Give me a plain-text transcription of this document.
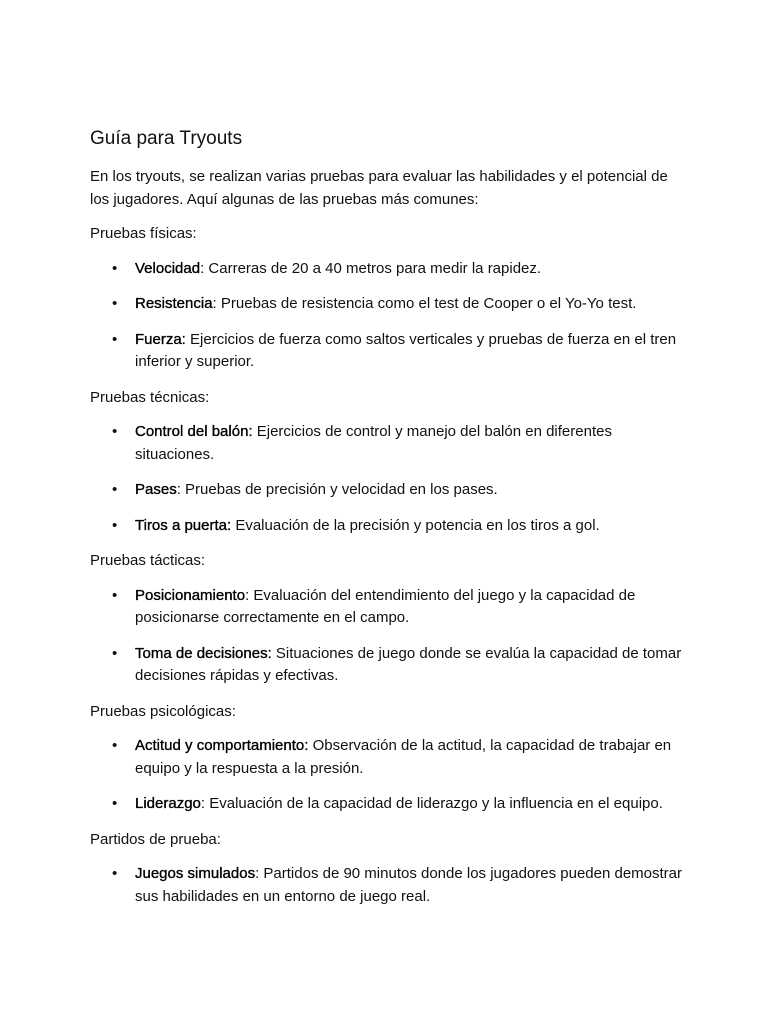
Guía para Tryouts

En los tryouts, se realizan varias pruebas para evaluar las habilidades y el potencial de los jugadores. Aquí algunas de las pruebas más comunes:

Pruebas físicas:

• Velocidad: Carreras de 20 a 40 metros para medir la rapidez.
• Resistencia: Pruebas de resistencia como el test de Cooper o el Yo-Yo test.
• Fuerza: Ejercicios de fuerza como saltos verticales y pruebas de fuerza en el tren inferior y superior.

Pruebas técnicas:

• Control del balón: Ejercicios de control y manejo del balón en diferentes situaciones.
• Pases: Pruebas de precisión y velocidad en los pases.
• Tiros a puerta: Evaluación de la precisión y potencia en los tiros a gol.

Pruebas tácticas:

• Posicionamiento: Evaluación del entendimiento del juego y la capacidad de posicionarse correctamente en el campo.
• Toma de decisiones: Situaciones de juego donde se evalúa la capacidad de tomar decisiones rápidas y efectivas.

Pruebas psicológicas:

• Actitud y comportamiento: Observación de la actitud, la capacidad de trabajar en equipo y la respuesta a la presión.
• Liderazgo: Evaluación de la capacidad de liderazgo y la influencia en el equipo.

Partidos de prueba:

• Juegos simulados: Partidos de 90 minutos donde los jugadores pueden demostrar sus habilidades en un entorno de juego real.
